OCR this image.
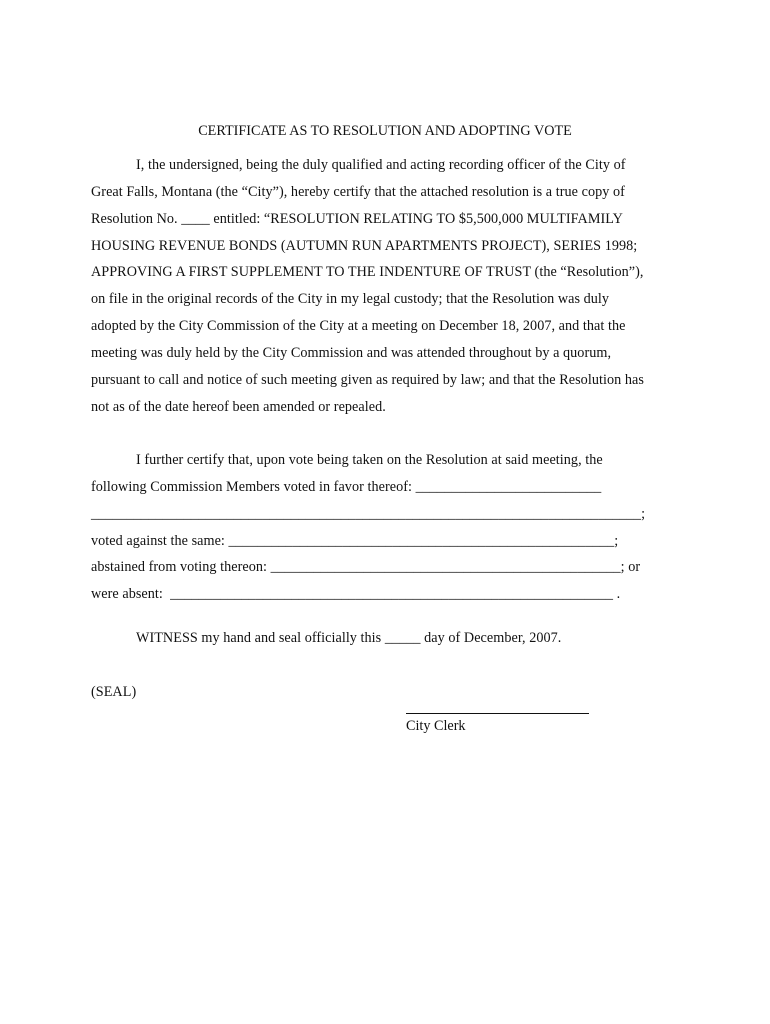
CERTIFICATE AS TO RESOLUTION AND ADOPTING VOTE
I, the undersigned, being the duly qualified and acting recording officer of the City of
Great Falls, Montana (the “City”), hereby certify that the attached resolution is a true copy of
Resolution No. ____ entitled: “RESOLUTION RELATING TO $5,500,000 MULTIFAMILY
HOUSING REVENUE BONDS (AUTUMN RUN APARTMENTS PROJECT), SERIES 1998;
APPROVING A FIRST SUPPLEMENT TO THE INDENTURE OF TRUST (the “Resolution”),
on file in the original records of the City in my legal custody; that the Resolution was duly
adopted by the City Commission of the City at a meeting on December 18, 2007, and that the
meeting was duly held by the City Commission and was attended throughout by a quorum,
pursuant to call and notice of such meeting given as required by law; and that the Resolution has
not as of the date hereof been amended or repealed.
I further certify that, upon vote being taken on the Resolution at said meeting, the
following Commission Members voted in favor thereof: __________________________
_____________________________________________________________________________;
voted against the same: ______________________________________________________;
abstained from voting thereon: _________________________________________________; or
were absent:  ______________________________________________________________ .
WITNESS my hand and seal officially this _____ day of December, 2007.
(SEAL)
City Clerk
